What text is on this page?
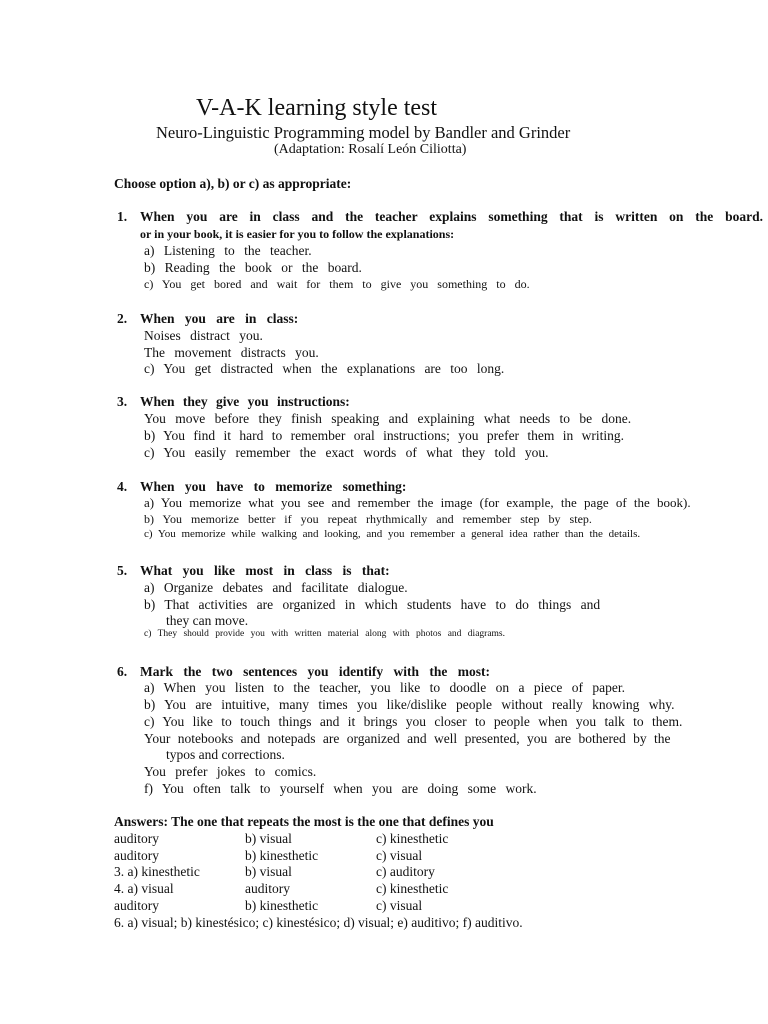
V-A-K learning style test
Neuro-Linguistic Programming model by Bandler and Grinder
(Adaptation: Rosalí León Ciliotta)
Choose option a), b) or c) as appropriate:
1. When you are in class and the teacher explains something that is written on the board.
or in your book, it is easier for you to follow the explanations:
a) Listening to the teacher.
b) Reading the book or the board.
c) You get bored and wait for them to give you something to do.
2. When you are in class:
Noises distract you.
The movement distracts you.
c) You get distracted when the explanations are too long.
3. When they give you instructions:
You move before they finish speaking and explaining what needs to be done.
b) You find it hard to remember oral instructions; you prefer them in writing.
c) You easily remember the exact words of what they told you.
4. When you have to memorize something:
a) You memorize what you see and remember the image (for example, the page of the book).
b) You memorize better if you repeat rhythmically and remember step by step.
c) You memorize while walking and looking, and you remember a general idea rather than the details.
5. What you like most in class is that:
a) Organize debates and facilitate dialogue.
b) That activities are organized in which students have to do things and
they can move.
c) They should provide you with written material along with photos and diagrams.
6. Mark the two sentences you identify with the most:
a) When you listen to the teacher, you like to doodle on a piece of paper.
b) You are intuitive, many times you like/dislike people without really knowing why.
c) You like to touch things and it brings you closer to people when you talk to them.
Your notebooks and notepads are organized and well presented, you are bothered by the
typos and corrections.
You prefer jokes to comics.
f) You often talk to yourself when you are doing some work.
Answers: The one that repeats the most is the one that defines you
auditory	b) visual	c) kinesthetic
auditory	b) kinesthetic	c) visual
3. a) kinesthetic	b) visual	c) auditory
4. a) visual	auditory	c) kinesthetic
auditory	b) kinesthetic	c) visual
6. a) visual; b) kinestésico; c) kinestésico; d) visual; e) auditivo; f) auditivo.
